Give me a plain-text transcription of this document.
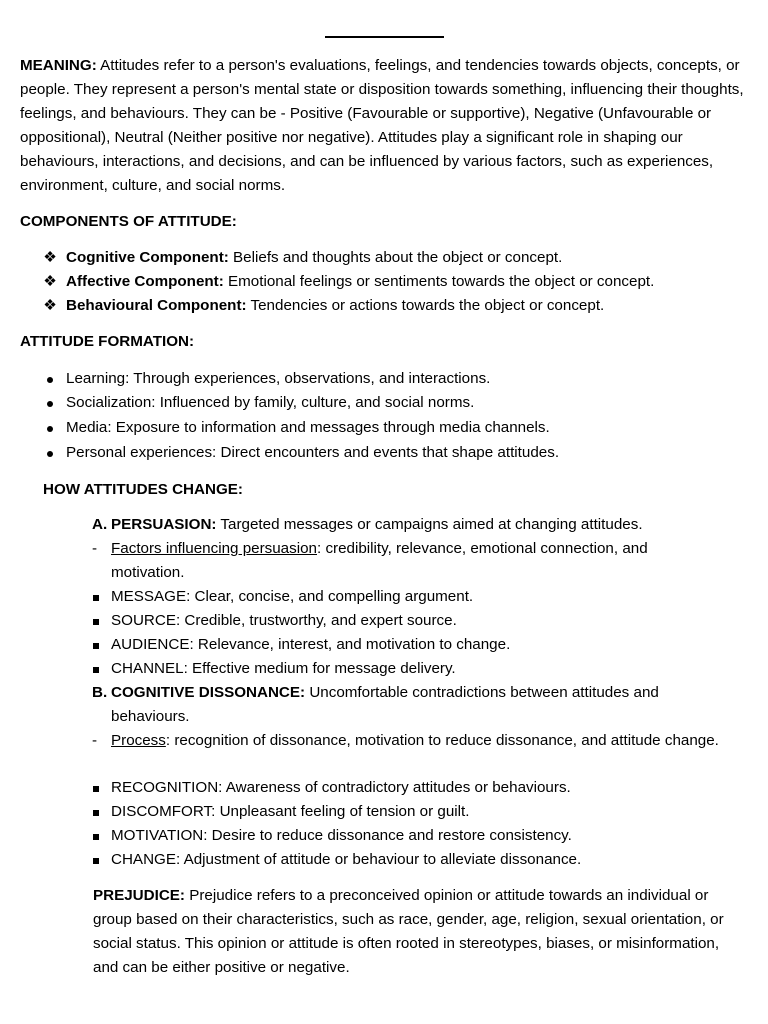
MEANING: Attitudes refer to a person's evaluations, feelings, and tendencies towards objects, concepts, or people. They represent a person's mental state or disposition towards something, influencing their thoughts, feelings, and behaviours. They can be - Positive (Favourable or supportive), Negative (Unfavourable or oppositional), Neutral (Neither positive nor negative). Attitudes play a significant role in shaping our behaviours, interactions, and decisions, and can be influenced by various factors, such as experiences, environment, culture, and social norms.

COMPONENTS OF ATTITUDE:
❖ Cognitive Component: Beliefs and thoughts about the object or concept.
❖ Affective Component: Emotional feelings or sentiments towards the object or concept.
❖ Behavioural Component: Tendencies or actions towards the object or concept.
ATTITUDE FORMATION:
Learning: Through experiences, observations, and interactions.
Socialization: Influenced by family, culture, and social norms.
Media: Exposure to information and messages through media channels.
Personal experiences: Direct encounters and events that shape attitudes.
HOW ATTITUDES CHANGE:
A. PERSUASION: Targeted messages or campaigns aimed at changing attitudes.
- Factors influencing persuasion: credibility, relevance, emotional connection, and motivation.
MESSAGE: Clear, concise, and compelling argument.
SOURCE: Credible, trustworthy, and expert source.
AUDIENCE: Relevance, interest, and motivation to change.
CHANNEL: Effective medium for message delivery.
B. COGNITIVE DISSONANCE: Uncomfortable contradictions between attitudes and behaviours.
- Process: recognition of dissonance, motivation to reduce dissonance, and attitude change.
RECOGNITION: Awareness of contradictory attitudes or behaviours.
DISCOMFORT: Unpleasant feeling of tension or guilt.
MOTIVATION: Desire to reduce dissonance and restore consistency.
CHANGE: Adjustment of attitude or behaviour to alleviate dissonance.

PREJUDICE: Prejudice refers to a preconceived opinion or attitude towards an individual or group based on their characteristics, such as race, gender, age, religion, sexual orientation, or social status. This opinion or attitude is often rooted in stereotypes, biases, or misinformation, and can be either positive or negative.
